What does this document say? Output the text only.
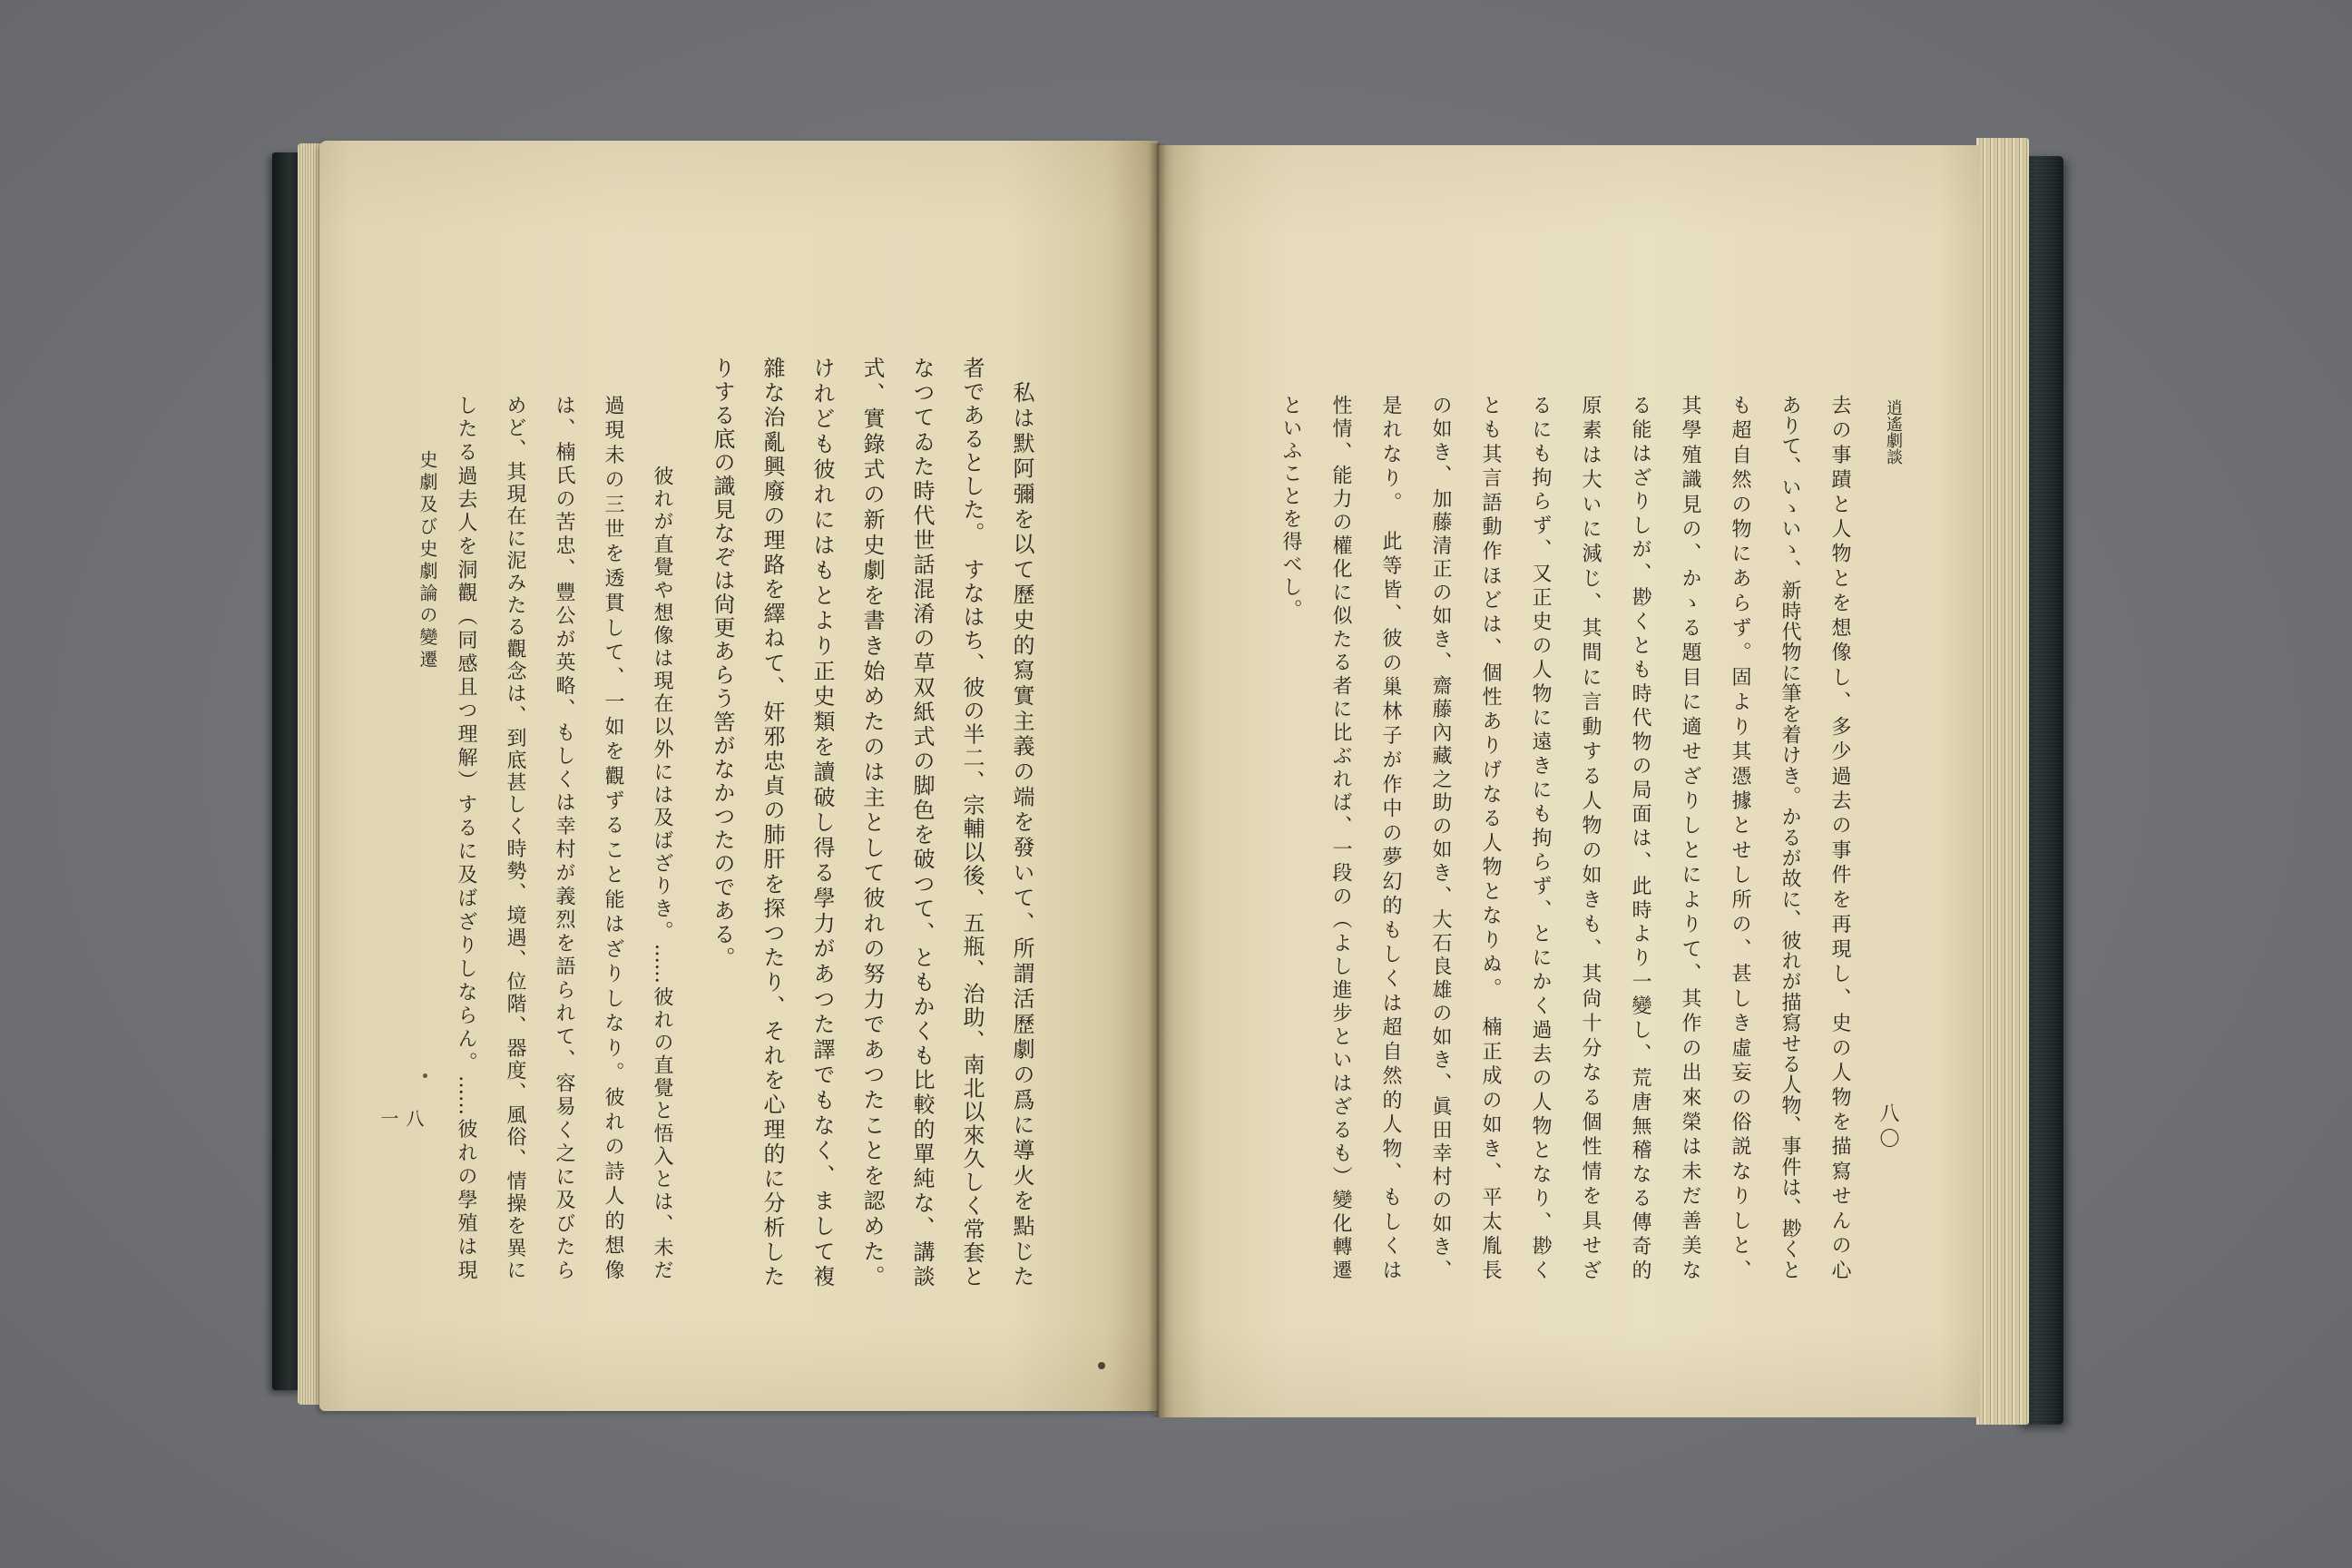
史劇及び史劇論の變遷
八一	私は默阿彌を以て歷史的寫實主義の端を發いて、所謂活歷劇の爲に導火を點じた
者であるとした。　すなはち、彼の半二、宗輔以後、五瓶、治助、南北以來久しく常套と
なつてゐた時代世話混淆の草双紙式の脚色を破つて、ともかくも比較的單純な、講談
式、實錄式の新史劇を書き始めたのは主として彼れの努力であつたことを認めた。
けれども彼れにはもとより正史類を讀破し得る學力があつた譯でもなく、まして複
雜な治亂興廢の理路を繹ねて、奸邪忠貞の肺肝を探つたり、それを心理的に分析した
りする底の識見なぞは尙更あらう筈がなかつたのである。
彼れが直覺や想像は現在以外には及ばざりき。……彼れの直覺と悟入とは、未だ
過現未の三世を透貫して、一如を觀ずること能はざりしなり。彼れの詩人的想像
は、楠氏の苦忠、豐公が英略、もしくは幸村が義烈を語られて、容易く之に及びたら
めど、其現在に泥みたる觀念は、到底甚しく時勢、境遇、位階、器度、風俗、情操を異に
したる過去人を洞觀（同感且つ理解）するに及ばざりしならん。……彼れの學殖は現	逍遙劇談
八〇
去の事蹟と人物とを想像し、多少過去の事件を再現し、史の人物を描寫せんの心
ありて、いゝいゝ、新時代物に筆を着けき。かるが故に、彼れが描寫せる人物、事件は、尠くと
も超自然の物にあらず。固より其憑據とせし所の、甚しき虛妄の俗説なりしと、
其學殖識見の、かゝる題目に適せざりしとによりて、其作の出來榮は未だ善美な
る能はざりしが、尠くとも時代物の局面は、此時より一變し、荒唐無稽なる傳奇的
原素は大いに減じ、其間に言動する人物の如きも、其尙十分なる個性情を具せざ
るにも拘らず、又正史の人物に遠きにも拘らず、とにかく過去の人物となり、尠く
とも其言語動作ほどは、個性ありげなる人物となりぬ。　楠正成の如き、平太胤長
の如き、加藤清正の如き、齋藤內藏之助の如き、大石良雄の如き、眞田幸村の如き、
是れなり。　此等皆、彼の巢林子が作中の夢幻的もしくは超自然的人物、もしくは
性情、能力の權化に似たる者に比ぶれば、一段の（よし進步といはざるも）變化轉遷
といふことを得べし。
